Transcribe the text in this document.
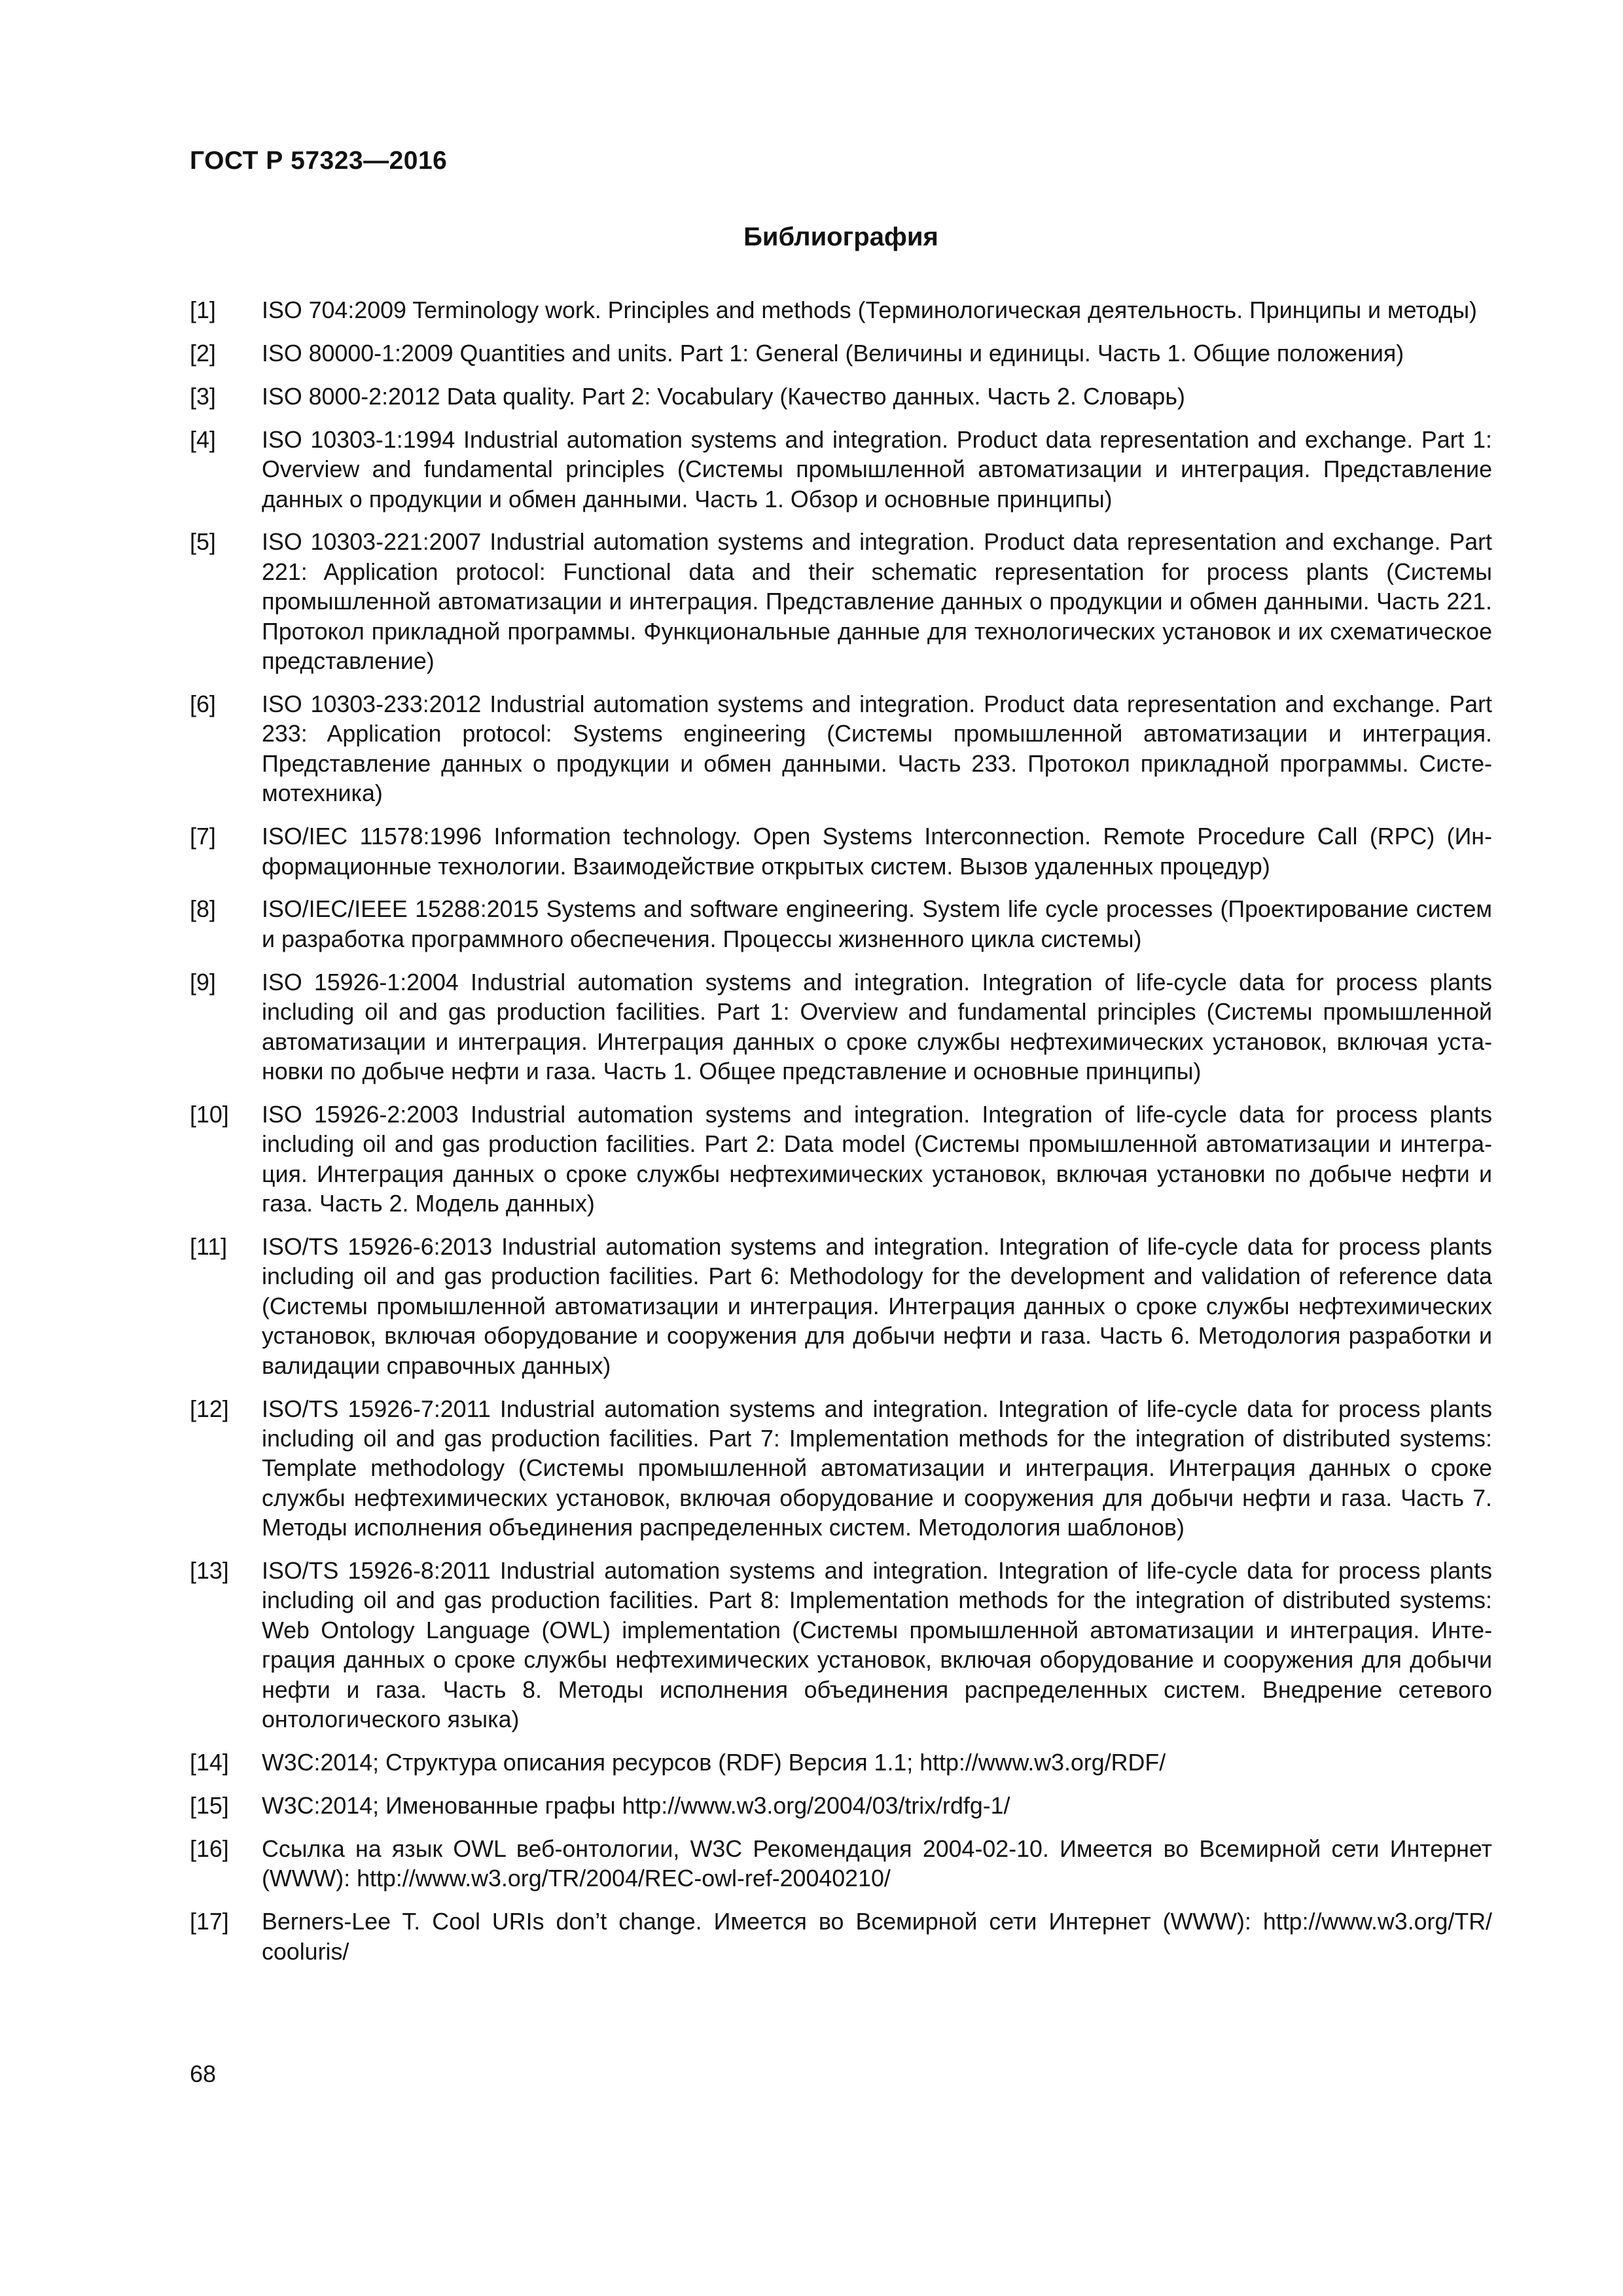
ГОСТ Р 57323—2016
Библиография
[1]	ISO 704:2009 Terminology work. Principles and methods (Терминологическая деятельность. Принципы и методы)
[2]	ISO 80000-1:2009 Quantities and units. Part 1: General (Величины и единицы. Часть 1. Общие положения)
[3]	ISO 8000-2:2012 Data quality. Part 2: Vocabulary (Качество данных. Часть 2. Словарь)
[4]	ISO 10303-1:1994 Industrial automation systems and integration. Product data representation and exchange. Part 1: Overview and fundamental principles (Системы промышленной автоматизации и интеграция. Представление данных о продукции и обмен данными. Часть 1. Обзор и основные принципы)
[5]	ISO 10303-221:2007 Industrial automation systems and integration. Product data representation and exchange. Part 221: Application protocol: Functional data and their schematic representation for process plants (Системы промышленной автоматизации и интеграция. Представление данных о продукции и обмен данными. Часть 221. Протокол прикладной программы. Функциональные данные для технологических установок и их схематическое представление)
[6]	ISO 10303-233:2012 Industrial automation systems and integration. Product data representation and exchange. Part 233: Application protocol: Systems engineering (Системы промышленной автоматизации и интеграция. Представление данных о продукции и обмен данными. Часть 233. Протокол прикладной программы. Системотехника)
[7]	ISO/IEC 11578:1996 Information technology. Open Systems Interconnection. Remote Procedure Call (RPC) (Информационные технологии. Взаимодействие открытых систем. Вызов удаленных процедур)
[8]	ISO/IEC/IEEE 15288:2015 Systems and software engineering. System life cycle processes (Проектирование систем и разработка программного обеспечения. Процессы жизненного цикла системы)
[9]	ISO 15926-1:2004 Industrial automation systems and integration. Integration of life-cycle data for process plants including oil and gas production facilities. Part 1: Overview and fundamental principles (Системы промышленной автоматизации и интеграция. Интеграция данных о сроке службы нефтехимических установок, включая установки по добыче нефти и газа. Часть 1. Общее представление и основные принципы)
[10]	ISO 15926-2:2003 Industrial automation systems and integration. Integration of life-cycle data for process plants including oil and gas production facilities. Part 2: Data model (Системы промышленной автоматизации и интеграция. Интеграция данных о сроке службы нефтехимических установок, включая установки по добыче нефти и газа. Часть 2. Модель данных)
[11]	ISO/TS 15926-6:2013 Industrial automation systems and integration. Integration of life-cycle data for process plants including oil and gas production facilities. Part 6: Methodology for the development and validation of reference data (Системы промышленной автоматизации и интеграция. Интеграция данных о сроке службы нефтехимических установок, включая оборудование и сооружения для добычи нефти и газа. Часть 6. Методология разработки и валидации справочных данных)
[12]	ISO/TS 15926-7:2011 Industrial automation systems and integration. Integration of life-cycle data for process plants including oil and gas production facilities. Part 7: Implementation methods for the integration of distributed systems: Template methodology (Системы промышленной автоматизации и интеграция. Интеграция данных о сроке службы нефтехимических установок, включая оборудование и сооружения для добычи нефти и газа. Часть 7. Методы исполнения объединения распределенных систем. Методология шаблонов)
[13]	ISO/TS 15926-8:2011 Industrial automation systems and integration. Integration of life-cycle data for process plants including oil and gas production facilities. Part 8: Implementation methods for the integration of distributed systems: Web Ontology Language (OWL) implementation (Системы промышленной автоматизации и интеграция. Интеграция данных о сроке службы нефтехимических установок, включая оборудование и сооружения для добычи нефти и газа. Часть 8. Методы исполнения объединения распределенных систем. Внедрение сетевого онтологического языка)
[14]	W3C:2014; Структура описания ресурсов (RDF) Версия 1.1; http://www.w3.org/RDF/
[15]	W3C:2014; Именованные графы http://www.w3.org/2004/03/trix/rdfg-1/
[16]	Ссылка на язык OWL веб-онтологии, W3C Рекомендация 2004-02-10. Имеется во Всемирной сети Интернет (WWW): http://www.w3.org/TR/2004/REC-owl-ref-20040210/
[17]	Berners-Lee T. Cool URIs don’t change. Имеется во Всемирной сети Интернет (WWW): http://www.w3.org/TR/ cooluris/
68
